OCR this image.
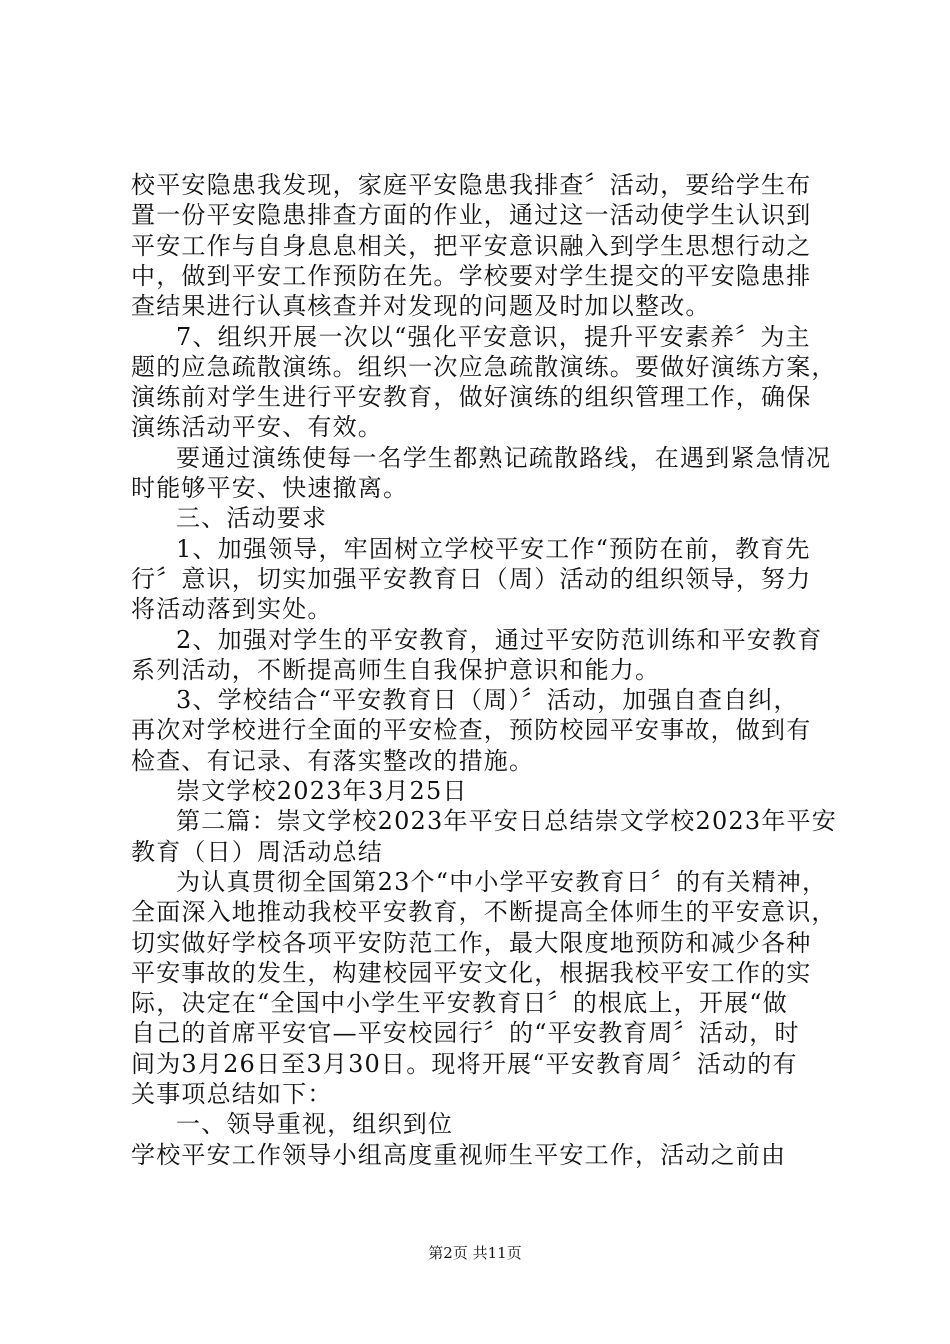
校平安隐患我发现，家庭平安隐患我排查〞活动，要给学生布
置一份平安隐患排查方面的作业，通过这一活动使学生认识到
平安工作与自身息息相关，把平安意识融入到学生思想行动之
中，做到平安工作预防在先。学校要对学生提交的平安隐患排
查结果进行认真核查并对发现的问题及时加以整改。
7、组织开展一次以“强化平安意识，提升平安素养〞为主
题的应急疏散演练。组织一次应急疏散演练。要做好演练方案，
演练前对学生进行平安教育，做好演练的组织管理工作，确保
演练活动平安、有效。
要通过演练使每一名学生都熟记疏散路线，在遇到紧急情况
时能够平安、快速撤离。
三、活动要求
1、加强领导，牢固树立学校平安工作“预防在前，教育先
行〞意识，切实加强平安教育日（周）活动的组织领导，努力
将活动落到实处。
2、加强对学生的平安教育，通过平安防范训练和平安教育
系列活动，不断提高师生自我保护意识和能力。
3、学校结合“平安教育日（周）〞活动，加强自查自纠，
再次对学校进行全面的平安检查，预防校园平安事故，做到有
检查、有记录、有落实整改的措施。
崇文学校2023年3月25日
第二篇：崇文学校2023年平安日总结崇文学校2023年平安
教育（日）周活动总结
为认真贯彻全国第23个“中小学平安教育日〞的有关精神，
全面深入地推动我校平安教育，不断提高全体师生的平安意识，
切实做好学校各项平安防范工作，最大限度地预防和减少各种
平安事故的发生，构建校园平安文化，根据我校平安工作的实
际，决定在“全国中小学生平安教育日〞的根底上，开展“做
自己的首席平安官—平安校园行〞的“平安教育周〞活动，时
间为3月26日至3月30日。现将开展“平安教育周〞活动的有
关事项总结如下：
一、领导重视，组织到位
学校平安工作领导小组高度重视师生平安工作，活动之前由
第2页 共11页
